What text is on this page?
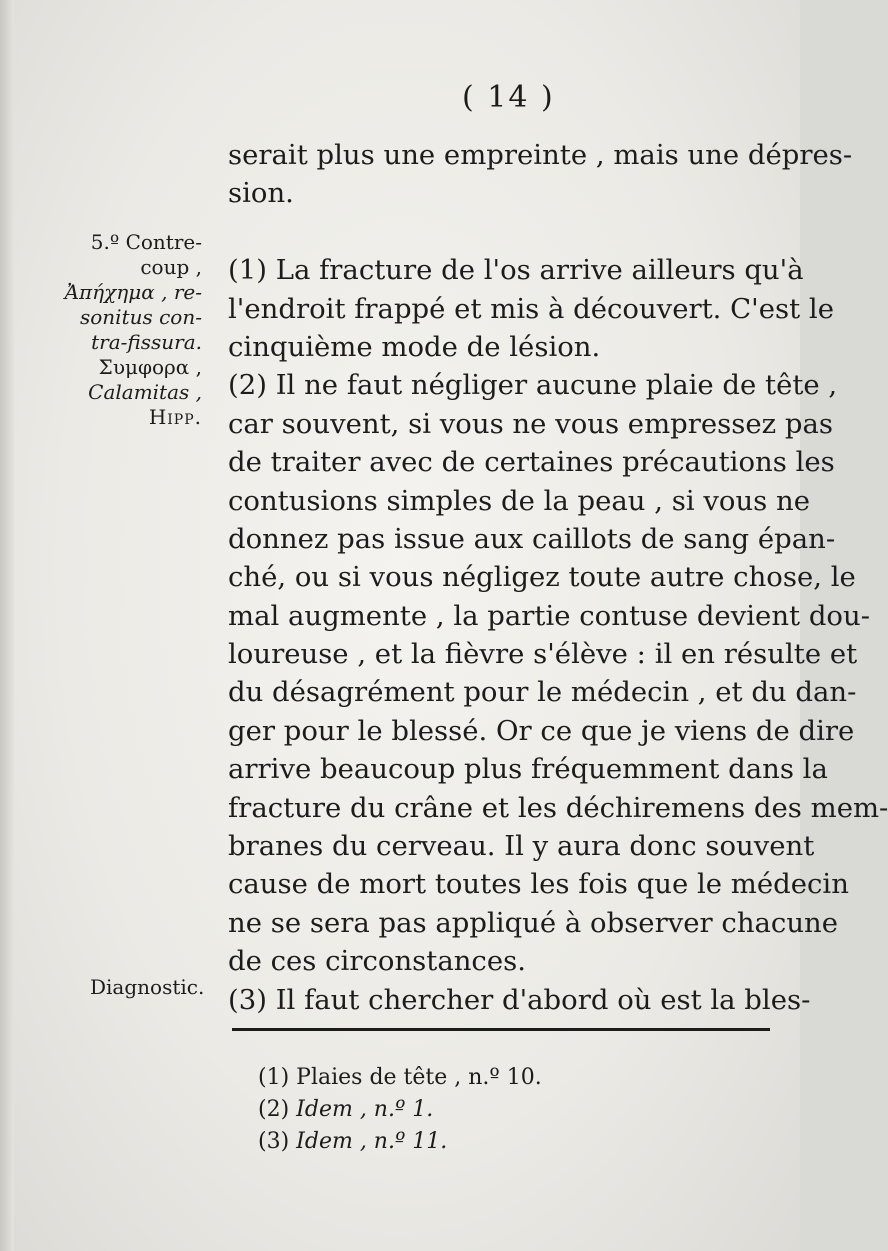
( 14 )
5.º Contre-
coup ,
Ἀπήχημα , re-
sonitus con-
tra-fissura.
Συμφορα ,
Calamitas ,
Hipp.
Diagnostic.
serait plus une empreinte , mais une dépres-
sion.
(1) La fracture de l'os arrive ailleurs qu'à
l'endroit frappé et mis à découvert. C'est le
cinquième mode de lésion.
(2) Il ne faut négliger aucune plaie de tête ,
car souvent, si vous ne vous empressez pas
de traiter avec de certaines précautions les
contusions simples de la peau , si vous ne
donnez pas issue aux caillots de sang épan-
ché, ou si vous négligez toute autre chose, le
mal augmente , la partie contuse devient dou-
loureuse , et la fièvre s'élève : il en résulte et
du désagrément pour le médecin , et du dan-
ger pour le blessé. Or ce que je viens de dire
arrive beaucoup plus fréquemment dans la
fracture du crâne et les déchiremens des mem-
branes du cerveau. Il y aura donc souvent
cause de mort toutes les fois que le médecin
ne se sera pas appliqué à observer chacune
de ces circonstances.
(3) Il faut chercher d'abord où est la bles-
(1) Plaies de tête , n.º 10.
(2) Idem , n.º 1.
(3) Idem , n.º 11.
